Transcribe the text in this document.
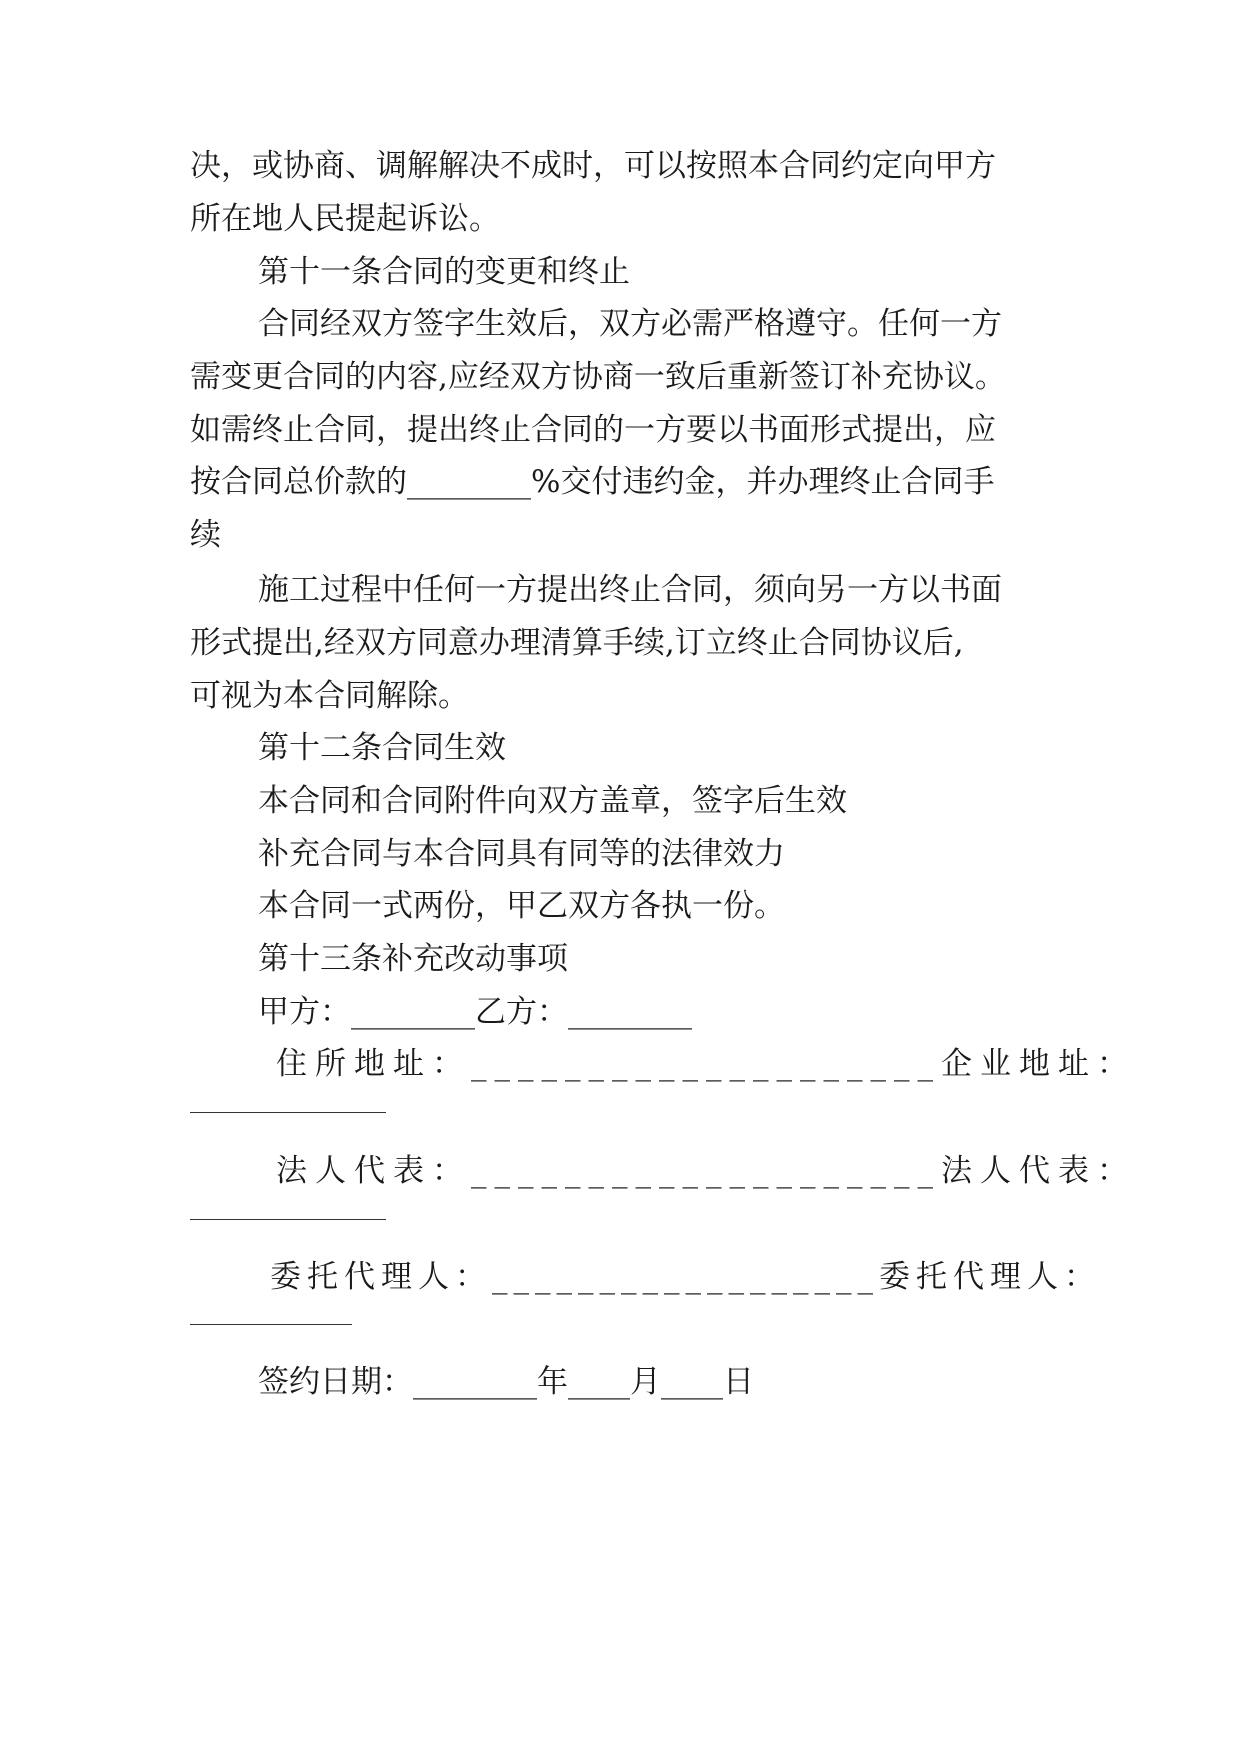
决，或协商、调解解决不成时，可以按照本合同约定向甲方

所在地人民提起诉讼。

第十一条合同的变更和终止

合同经双方签字生效后，双方必需严格遵守。任何一方

需变更合同的内容,应经双方协商一致后重新签订补充协议。

如需终止合同，提出终止合同的一方要以书面形式提出，应

按合同总价款的________%交付违约金，并办理终止合同手

续

施工过程中任何一方提出终止合同，须向另一方以书面

形式提出,经双方同意办理清算手续,订立终止合同协议后,

可视为本合同解除。

第十二条合同生效

本合同和合同附件向双方盖章，签字后生效

补充合同与本合同具有同等的法律效力

本合同一式两份，甲乙双方各执一份。

第十三条补充改动事项

甲方：________乙方：________

住所地址：____________________企业地址：

法人代表：____________________法人代表：

委托代理人：__________________委托代理人：

签约日期：________年____月____日
